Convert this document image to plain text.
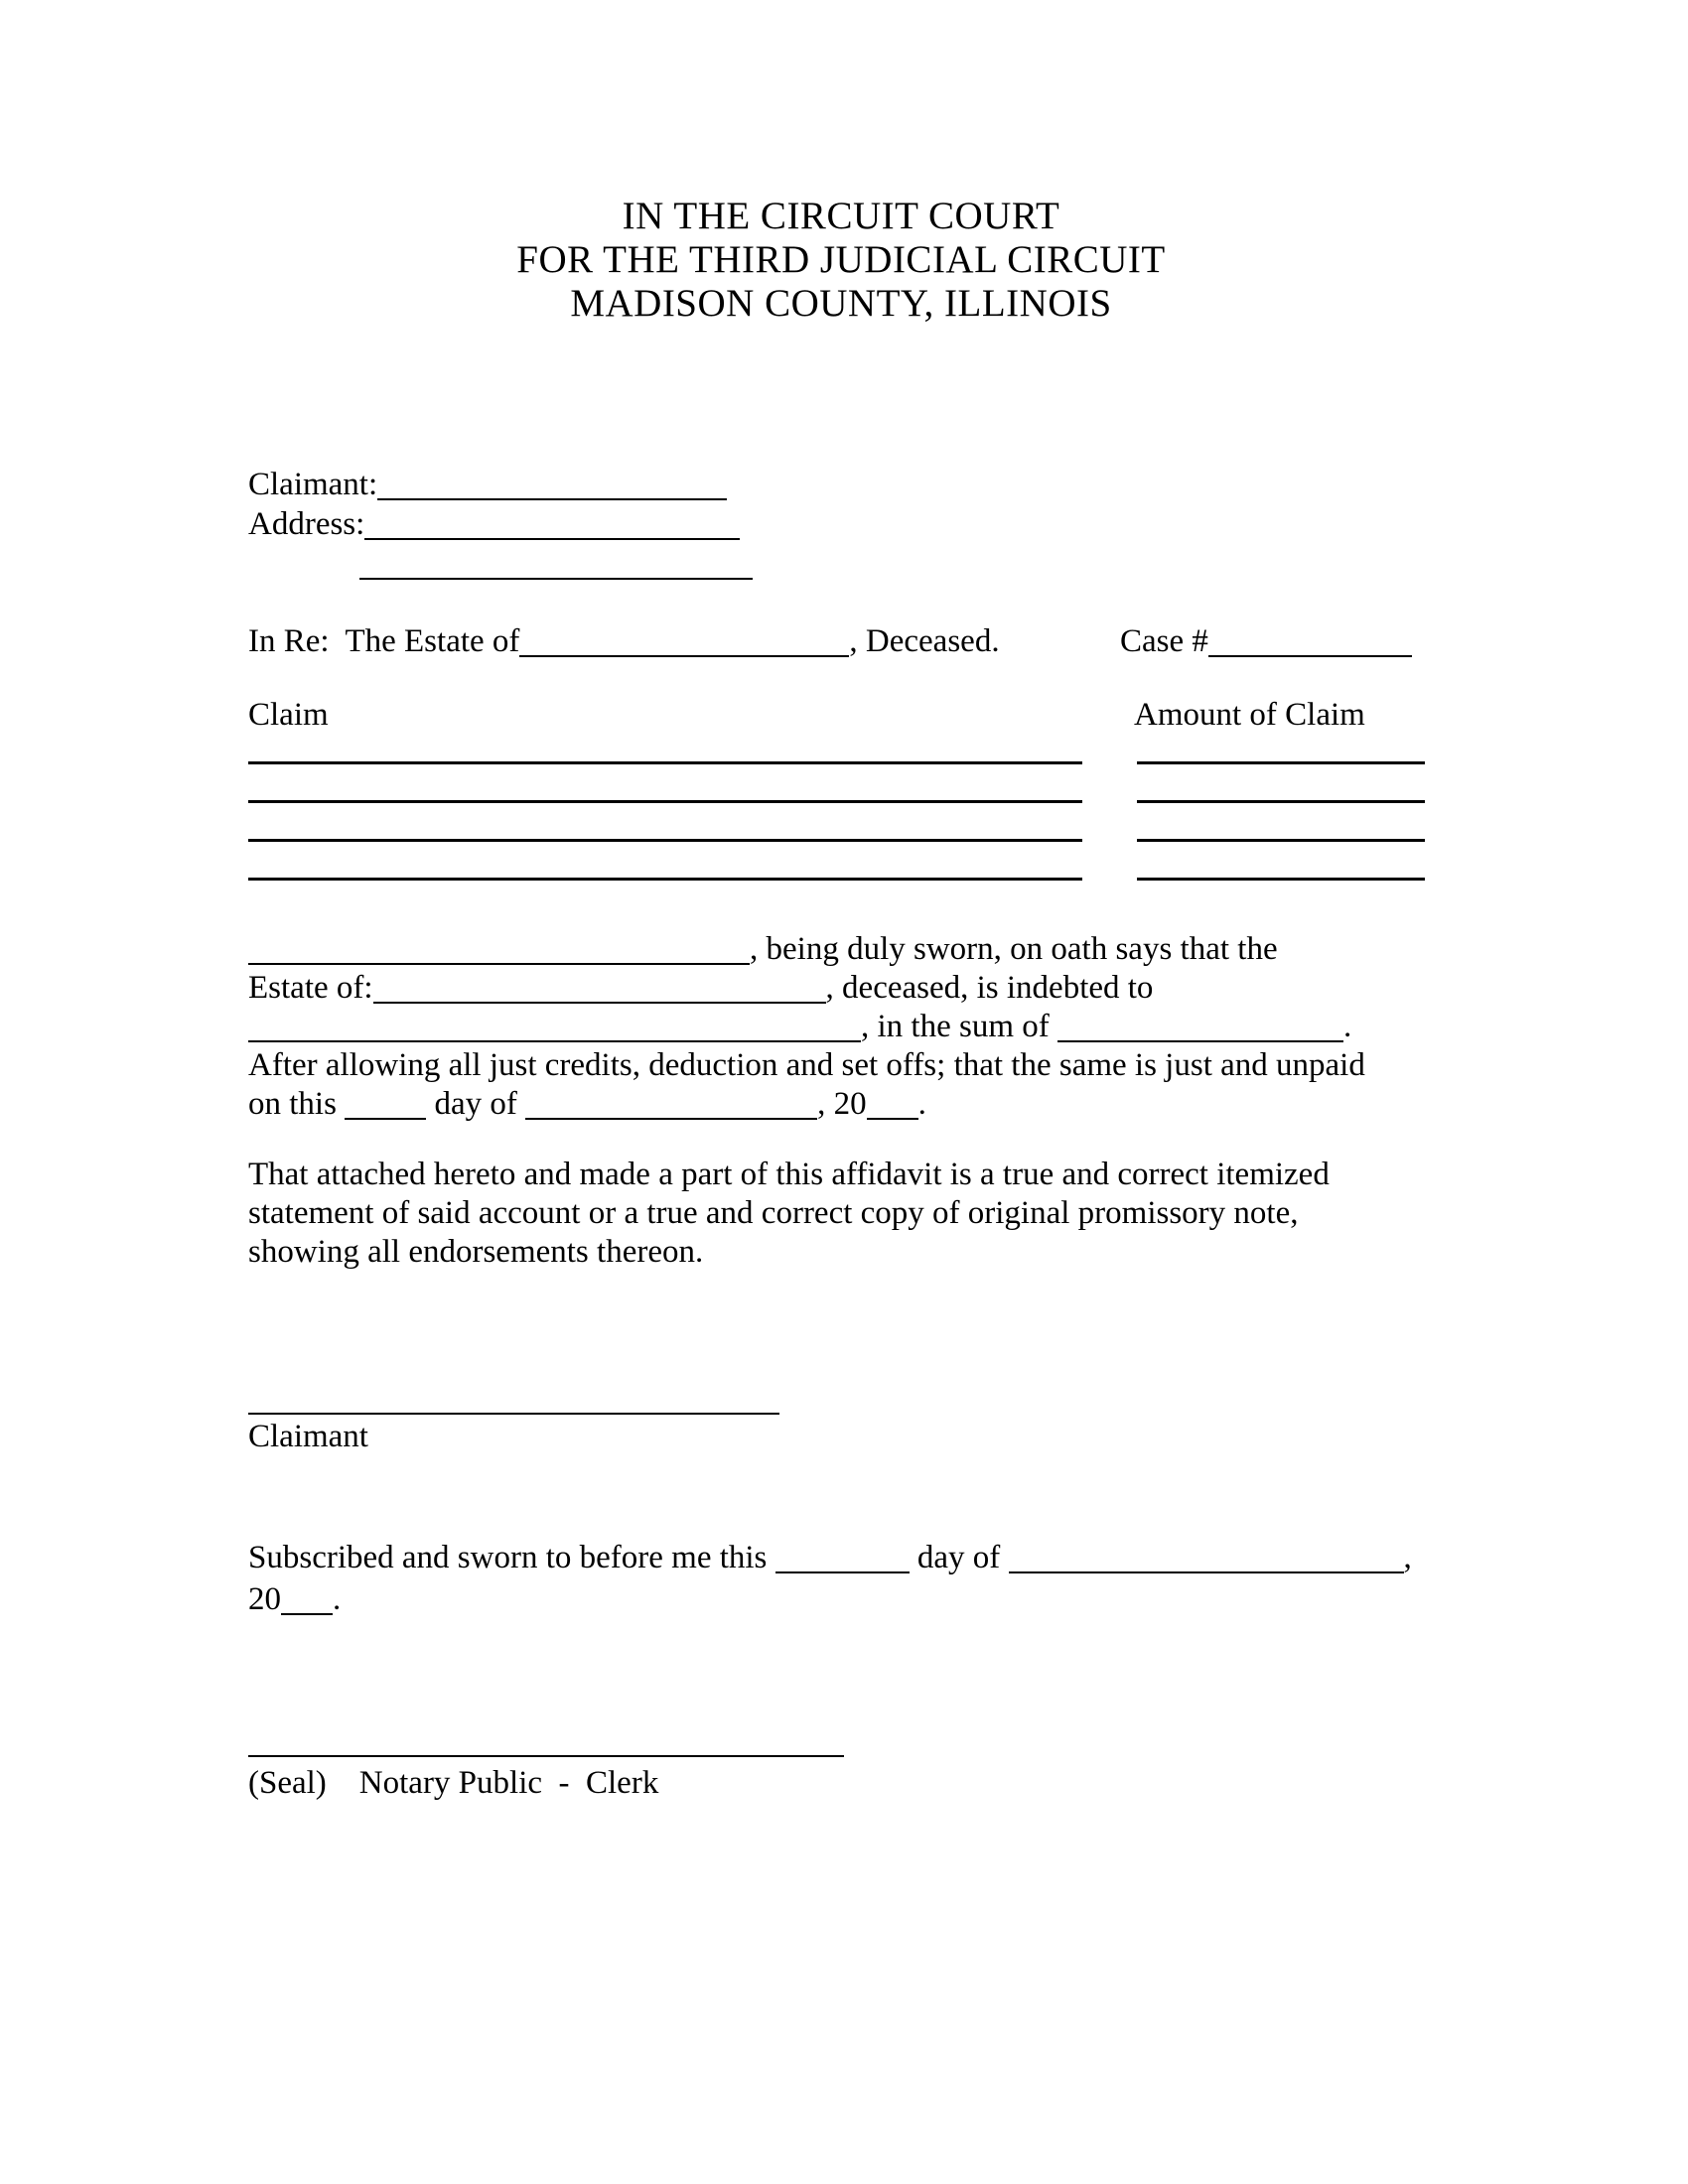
IN THE CIRCUIT COURT
FOR THE THIRD JUDICIAL CIRCUIT
MADISON COUNTY, ILLINOIS
Claimant:
Address:
In Re:  The Estate of	, Deceased.	Case #
Claim	Amount of Claim
, being duly sworn, on oath says that the
Estate of:	, deceased, is indebted to
, in the sum of	.
After allowing all just credits, deduction and set offs; that the same is just and unpaid
on this  day of	, 20 .
That attached hereto and made a part of this affidavit is a true and correct itemized
statement of said account or a true and correct copy of original promissory note,
showing all endorsements thereon.
Claimant
Subscribed and sworn to before me this	day of	,
20 .
(Seal)    Notary Public  -  Clerk
